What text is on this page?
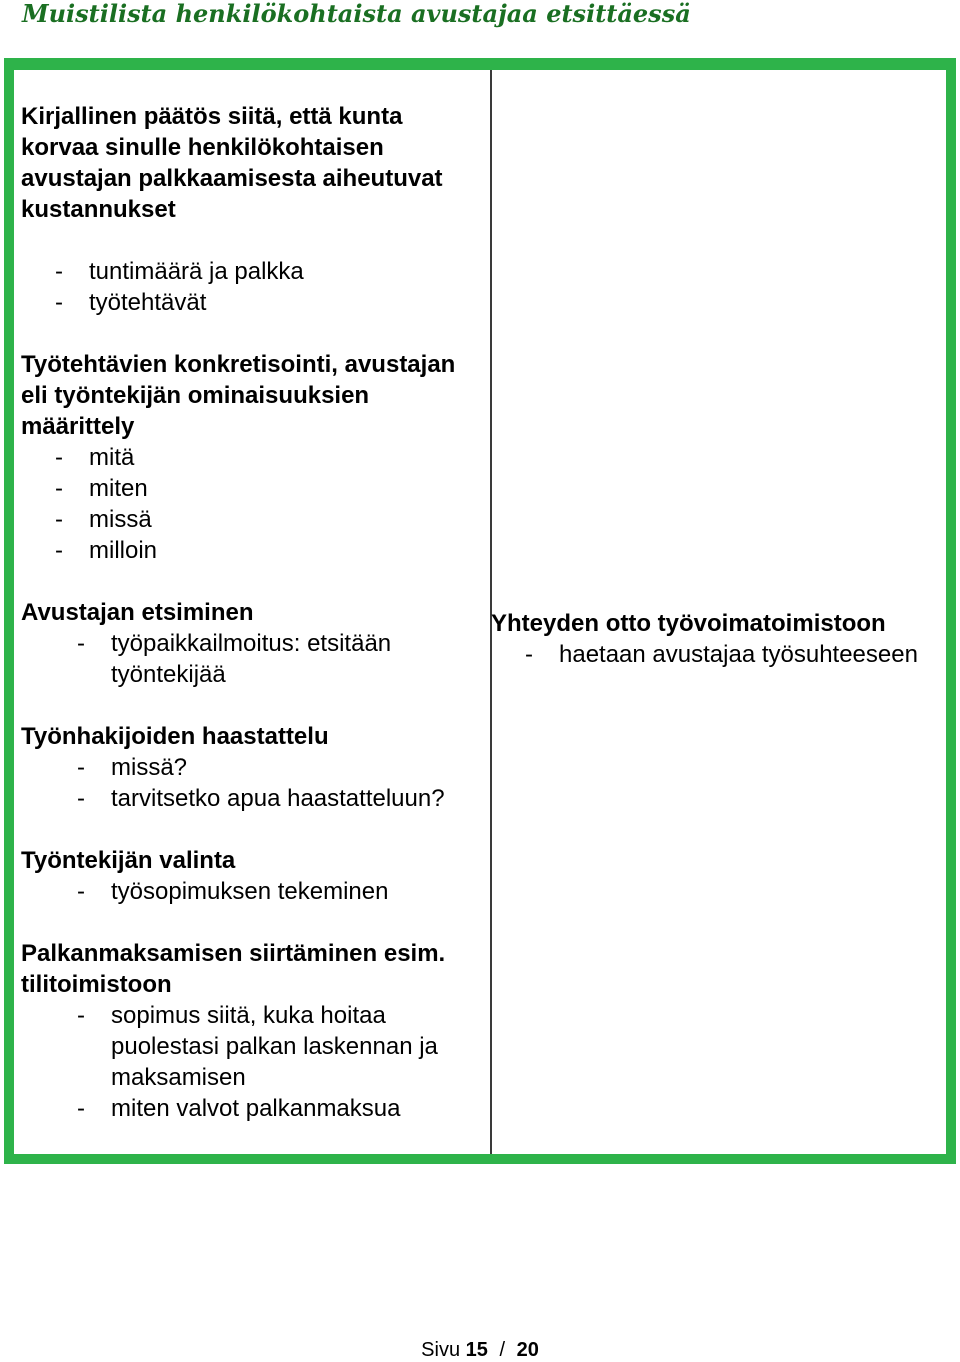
Muistilista henkilökohtaista avustajaa etsittäessä
Kirjallinen päätös siitä, että kunta korvaa sinulle henkilökohtaisen avustajan palkkaamisesta aiheutuvat kustannukset
- tuntimäärä ja palkka
- työtehtävät
Työtehtävien konkretisointi, avustajan eli työntekijän ominaisuuksien määrittely
- mitä
- miten
- missä
- milloin
Avustajan etsiminen
- työpaikkailmoitus: etsitään työntekijää
Työnhakijoiden haastattelu
- missä?
- tarvitsetko apua haastatteluun?
Työntekijän valinta
- työsopimuksen tekeminen
Palkanmaksamisen siirtäminen esim. tilitoimistoon
- sopimus siitä, kuka hoitaa puolestasi palkan laskennan ja maksamisen
- miten valvot palkanmaksua
Yhteyden otto työvoimatoimistoon
- haetaan avustajaa työsuhteeseen
Sivu 15 / 20
